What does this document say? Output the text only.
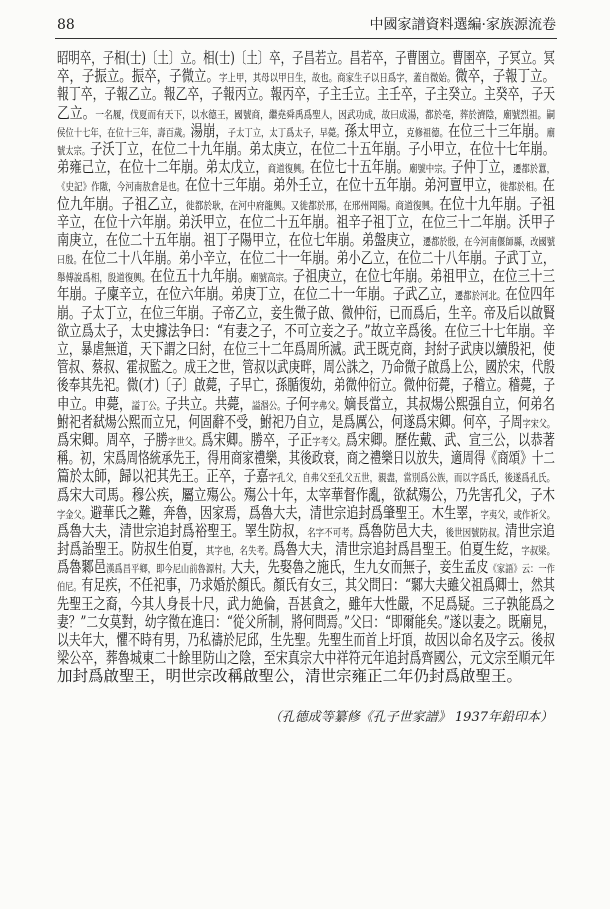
88	中國家譜資料選編·家族源流卷
昭明卒，子相(士)〔土〕立。相(士)〔土〕卒，子昌若立。昌若卒，子曹圉立。曹圉卒，子冥立。冥
卒，子振立。振卒，子微立。字上甲，其母以甲日生，故也。商家生子以日爲字，蓋自微始。微卒，子報丁立。
報丁卒，子報乙立。報乙卒，子報丙立。報丙卒，子主壬立。主壬卒，子主癸立。主癸卒，子天
乙立。一名履，伐夏而有天下，以水德王，國號商，繼堯舜禹爲聖人，因武功成，故曰成湯，都於亳，葬於濟陰，廟號烈祖。嗣
侯位十七年，在位十三年，壽百歲。湯崩，子太丁立，太丁爲太子，早薨。孫太甲立，克修祖德。在位三十三年崩。廟
號太宗。子沃丁立，在位二十九年崩。弟太庚立，在位二十五年崩。子小甲立，在位十七年崩。
弟雍己立，在位十二年崩。弟太戊立，商道復興。在位七十五年崩。廟號中宗。子仲丁立，遷都於囂，
《史記》作隞，今河南敖倉是也。在位十三年崩。弟外壬立，在位十五年崩。弟河亶甲立，徙都於相。在
位九年崩。子祖乙立，徙都於耿，在河中府龍興。又徙都於邢，在邢州岡陽。商道復興。在位十九年崩。子祖
辛立，在位十六年崩。弟沃甲立，在位二十五年崩。祖辛子祖丁立，在位三十二年崩。沃甲子
南庚立，在位二十五年崩。祖丁子陽甲立，在位七年崩。弟盤庚立，遷都於殷，在今河南偃師縣，改國號
曰殷。在位二十八年崩。弟小辛立，在位二十一年崩。弟小乙立，在位二十八年崩。子武丁立，
舉傅說爲相，殷道復興。在位五十九年崩。廟號高宗。子祖庚立，在位七年崩。弟祖甲立，在位三十三
年崩。子廩辛立，在位六年崩。弟庚丁立，在位二十一年崩。子武乙立，遷都於河北。在位四年
崩。子太丁立，在位三年崩。子帝乙立，妾生微子啟、微仲衍，已而爲后，生辛。帝及后以啟賢
欲立爲太子，太史據法争曰：“有妻之子，不可立妾之子。”故立辛爲後。在位三十七年崩。辛
立，暴虐無道，天下謂之曰紂，在位三十二年爲周所滅。武王既克商，封紂子武庚以續殷祀，使
管叔、蔡叔、霍叔監之。成王之世，管叔以武庚畔，周公誅之，乃命微子啟爲上公，國於宋，代殷
後奉其先祀。微(才)〔子〕啟薨，子早亡，孫腯復幼，弟微仲衍立。微仲衍薨，子稽立。稽薨，子
申立。申薨，謚丁公。子共立。共薨，謚湣公。子何字弗父。嫡長當立，其叔煬公熙强自立，何弟名
鮒祀者弑煬公熙而立兄，何固辭不受，鮒祀乃自立，是爲厲公，何遂爲宋卿。何卒，子周字宋父。
爲宋卿。周卒，子勝字世父。爲宋卿。勝卒，子正字考父。爲宋卿。歷佐戴、武、宣三公，以恭著
稱。初，宋爲周恪統承先王，得用商家禮樂，其後政衰，商之禮樂日以放失，適周得《商頌》十二
篇於太師，歸以祀其先王。正卒，子嘉字孔父，自弗父至孔父五世，親盡，當別爲公族，而以字爲氏，後遂爲孔氏。
爲宋大司馬。穆公疾，屬立殤公。殤公十年，太宰華督作亂，欲弑殤公，乃先害孔父，子木
字金父。避華氏之難，奔魯，因家焉，爲魯大夫，清世宗追封爲肇聖王。木生睪，字夷父，或作祈父。
爲魯大夫，清世宗追封爲裕聖王。睪生防叔，名字不可考。爲魯防邑大夫，後世因號防叔。清世宗追
封爲詒聖王。防叔生伯夏，其字也，名失考。爲魯大夫，清世宗追封爲昌聖王。伯夏生紇，字叔梁。
爲魯鄹邑漢爲昌平鄉，即今尼山前魯源村。大夫，先娶魯之施氏，生九女而無子，妾生孟皮《家語》云：一作
伯尼。有足疾，不任祀事，乃求婚於顏氏。顏氏有女三，其父問曰：“鄹大夫雖父祖爲卿士，然其
先聖王之裔，今其人身長十尺，武力絶倫，吾甚貪之，雖年大性嚴，不足爲疑。三子孰能爲之
妻？”二女莫對，幼字徵在進曰：“從父所制，將何問焉。”父曰：“即爾能矣。”遂以妻之。既廟見，
以夫年大，懼不時有男，乃私禱於尼邱，生先聖。先聖生而首上圩頂，故因以命名及字云。後叔
梁公卒，葬魯城東二十餘里防山之陰，至宋真宗大中祥符元年追封爲齊國公，元文宗至順元年
加封爲啟聖王，明世宗改稱啟聖公，清世宗雍正二年仍封爲啟聖王。
（孔德成等纂修《孔子世家譜》 1937年鉛印本）
